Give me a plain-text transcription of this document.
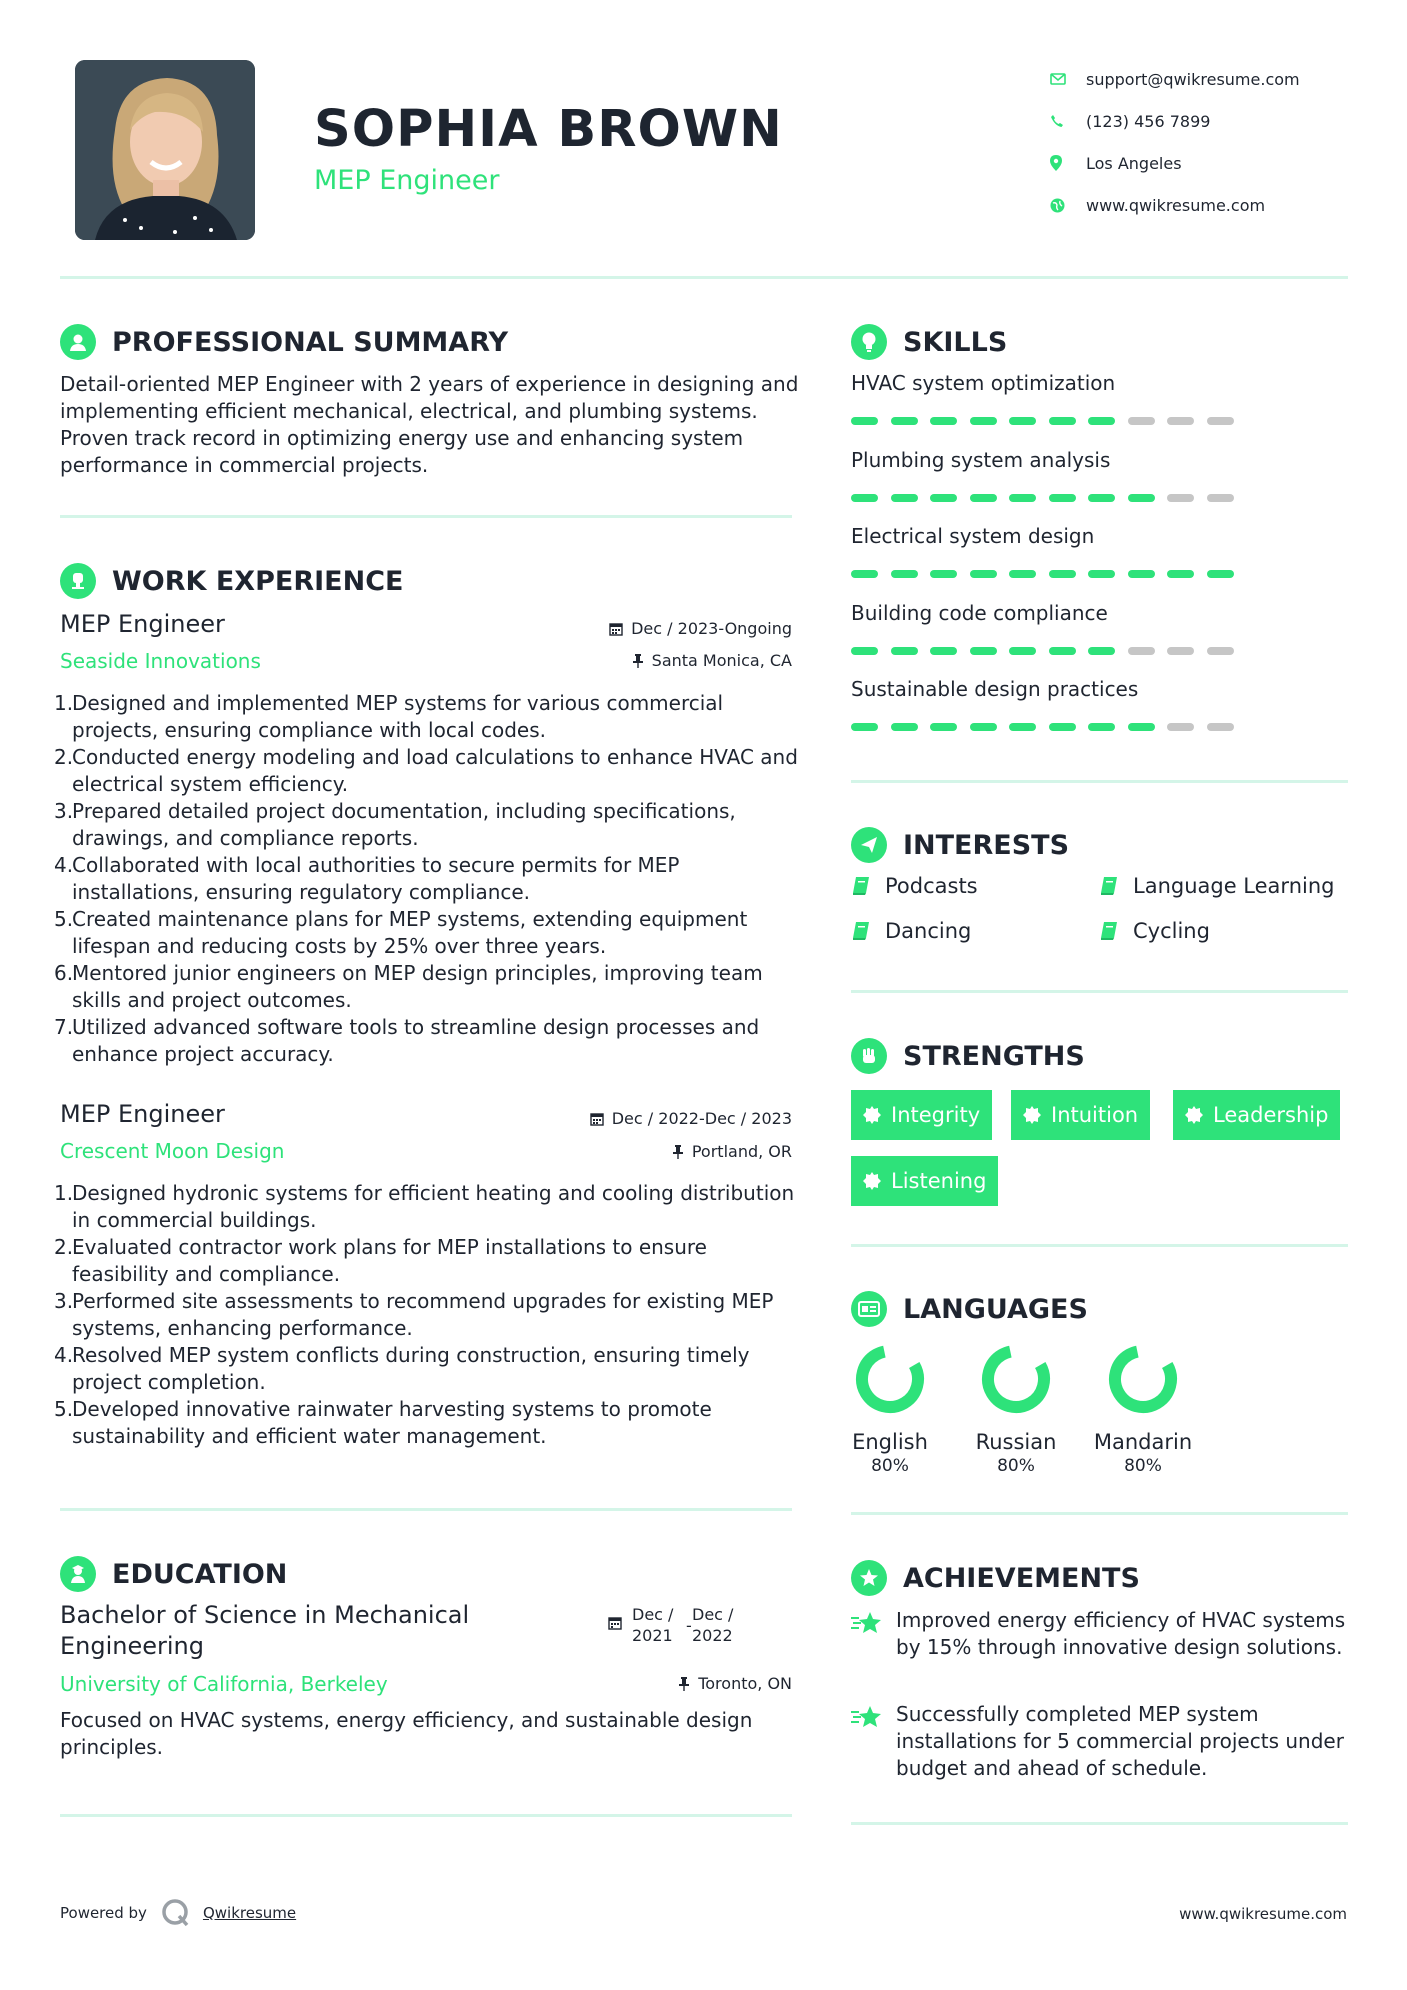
SOPHIA BROWN
MEP Engineer
support@qwikresume.com
(123) 456 7899
Los Angeles
www.qwikresume.com
PROFESSIONAL SUMMARY
Detail-oriented MEP Engineer with 2 years of experience in designing and implementing efficient mechanical, electrical, and plumbing systems. Proven track record in optimizing energy use and enhancing system performance in commercial projects.
WORK EXPERIENCE
MEP Engineer	Dec / 2023-Ongoing
Seaside Innovations	Santa Monica, CA
1.
Designed and implemented MEP systems for various commercial projects, ensuring compliance with local codes.
2.
Conducted energy modeling and load calculations to enhance HVAC and electrical system efficiency.
3.
Prepared detailed project documentation, including specifications, drawings, and compliance reports.
4.
Collaborated with local authorities to secure permits for MEP installations, ensuring regulatory compliance.
5.
Created maintenance plans for MEP systems, extending equipment lifespan and reducing costs by 25% over three years.
6.
Mentored junior engineers on MEP design principles, improving team skills and project outcomes.
7.
Utilized advanced software tools to streamline design processes and enhance project accuracy.
MEP Engineer	Dec / 2022-Dec / 2023
Crescent Moon Design	Portland, OR
1.
Designed hydronic systems for efficient heating and cooling distribution in commercial buildings.
2.
Evaluated contractor work plans for MEP installations to ensure feasibility and compliance.
3.
Performed site assessments to recommend upgrades for existing MEP systems, enhancing performance.
4.
Resolved MEP system conflicts during construction, ensuring timely project completion.
5.
Developed innovative rainwater harvesting systems to promote sustainability and efficient water management.
EDUCATION
Bachelor of Science in Mechanical Engineering
Dec /
2021
-
Dec /
2022
University of California, Berkeley	Toronto, ON
Focused on HVAC systems, energy efficiency, and sustainable design principles.
SKILLS
HVAC system optimization
Plumbing system analysis
Electrical system design
Building code compliance
Sustainable design practices
INTERESTS
Podcasts	Language Learning
Dancing	Cycling
STRENGTHS
Integrity	Intuition	Leadership
Listening
LANGUAGES
English
80%
Russian
80%
Mandarin
80%
ACHIEVEMENTS
Improved energy efficiency of HVAC systems by 15% through innovative design solutions.
Successfully completed MEP system installations for 5 commercial projects under budget and ahead of schedule.
Powered by	Qwikresume	www.qwikresume.com
